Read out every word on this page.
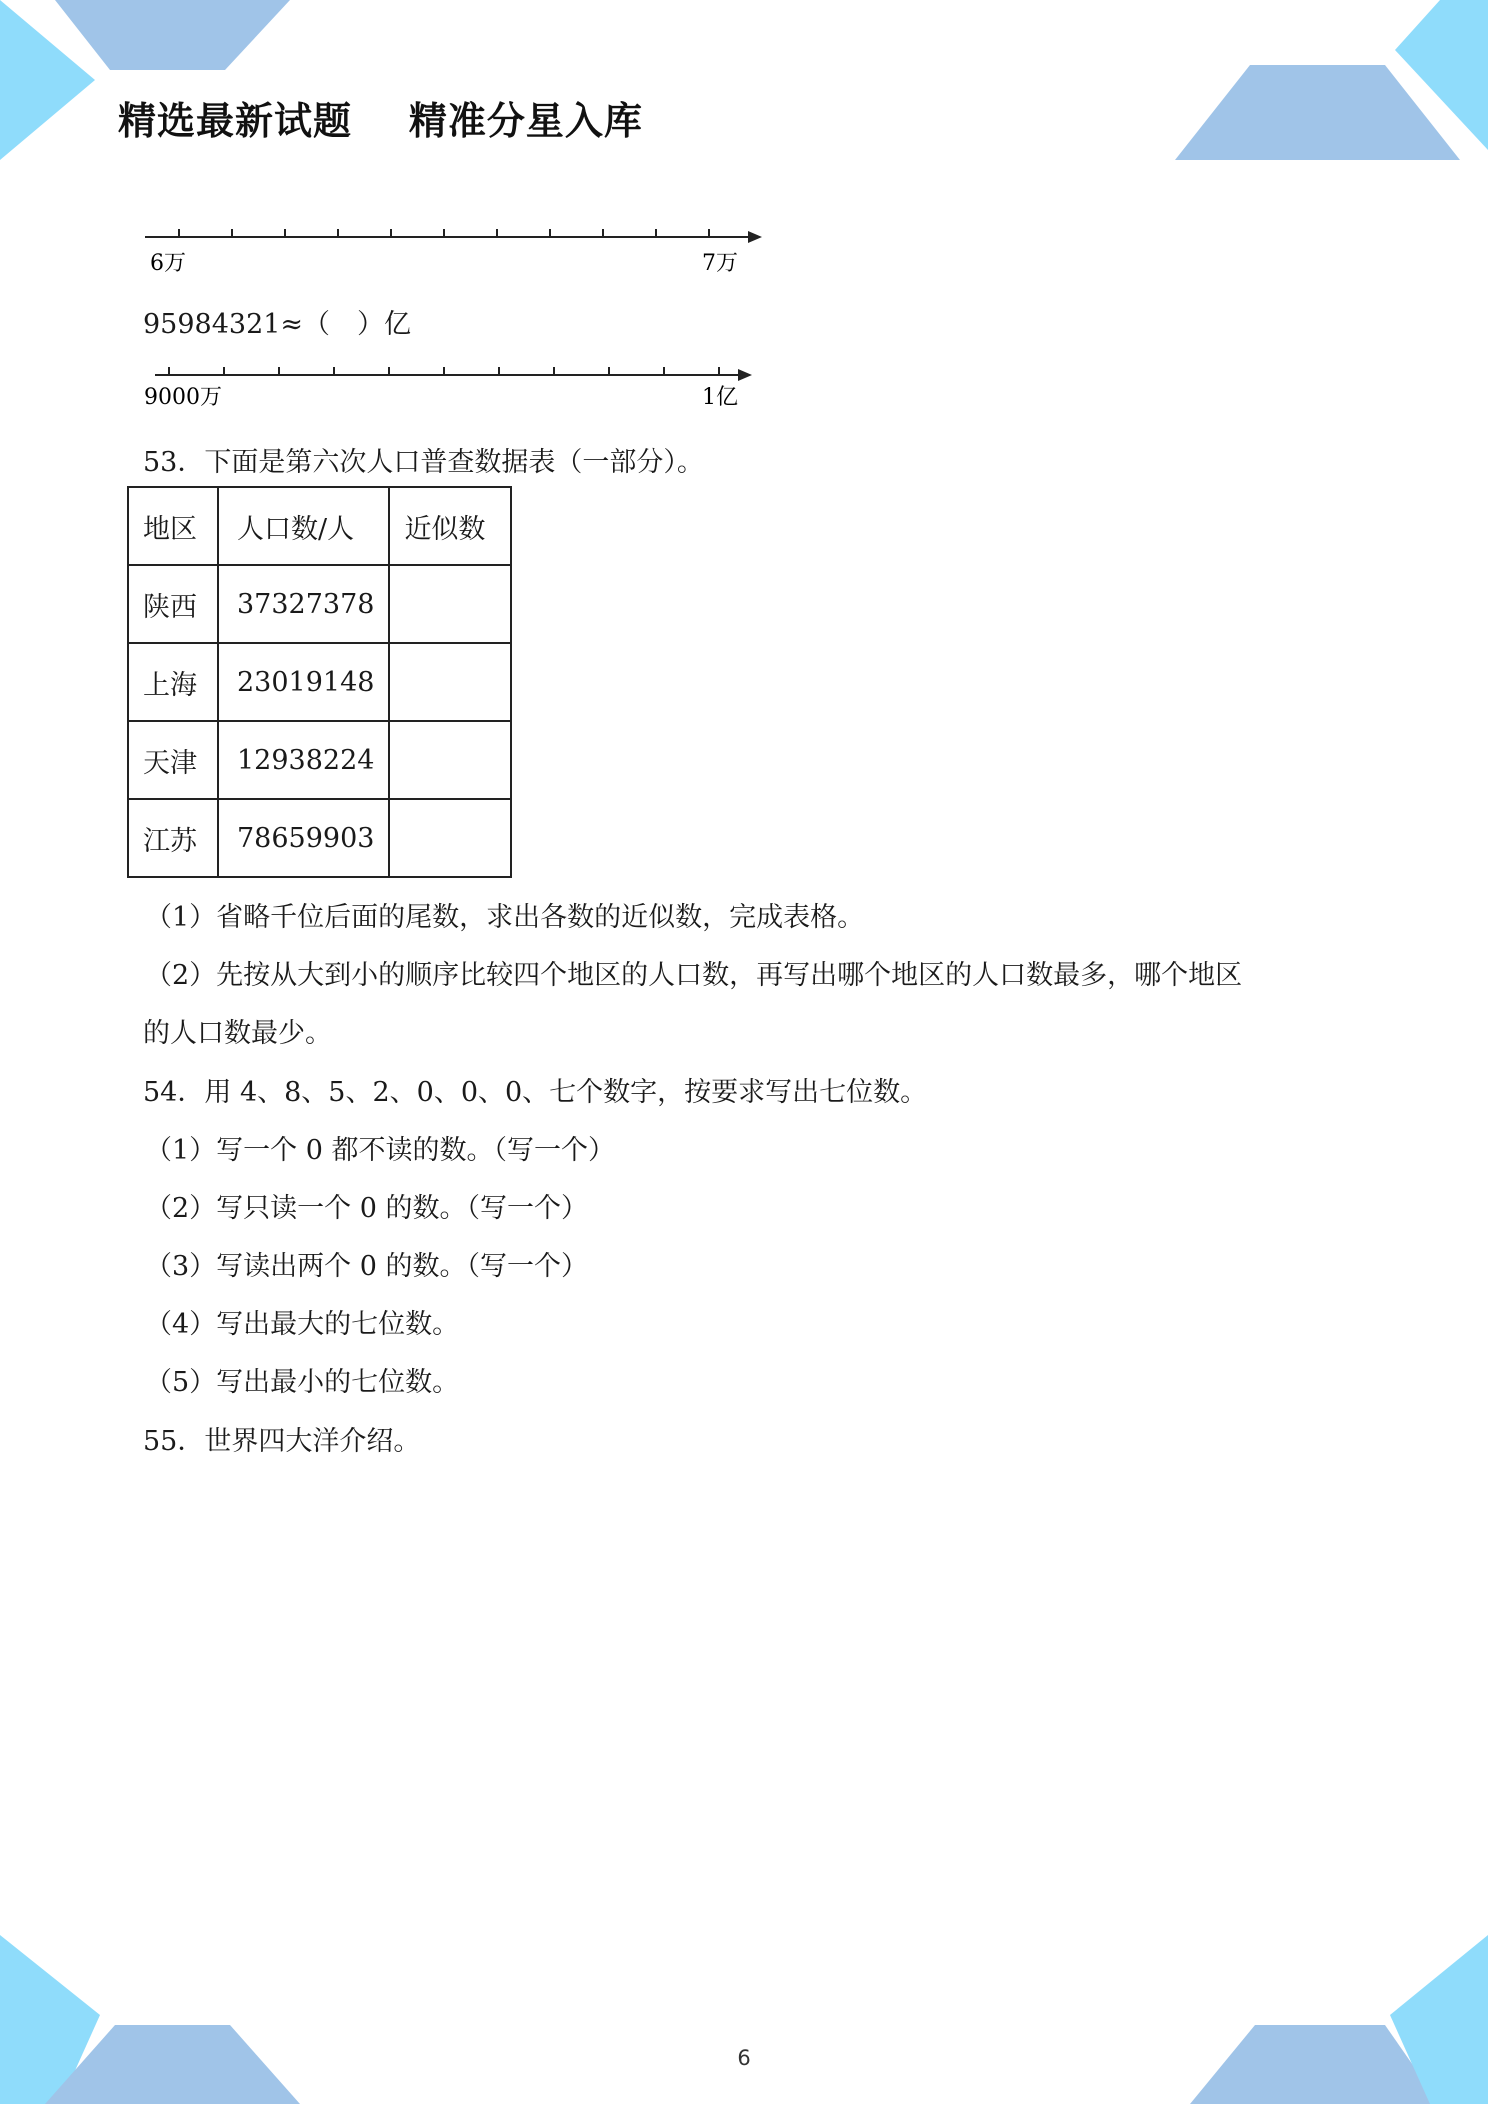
精选最新试题    精准分星入库
6万	7万
95984321≈（　）亿
9000万	1亿
53．下面是第六次人口普查数据表（一部分）。
地区	人口数/人	近似数
陕西	37327378	
上海	23019148	
天津	12938224	
江苏	78659903	
（1）省略千位后面的尾数，求出各数的近似数，完成表格。
（2）先按从大到小的顺序比较四个地区的人口数，再写出哪个地区的人口数最多，哪个地区
的人口数最少。
54．用 4、8、5、2、0、0、0、七个数字，按要求写出七位数。
（1）写一个 0 都不读的数。（写一个）
（2）写只读一个 0 的数。（写一个）
（3）写读出两个 0 的数。（写一个）
（4）写出最大的七位数。
（5）写出最小的七位数。
55．世界四大洋介绍。
6
